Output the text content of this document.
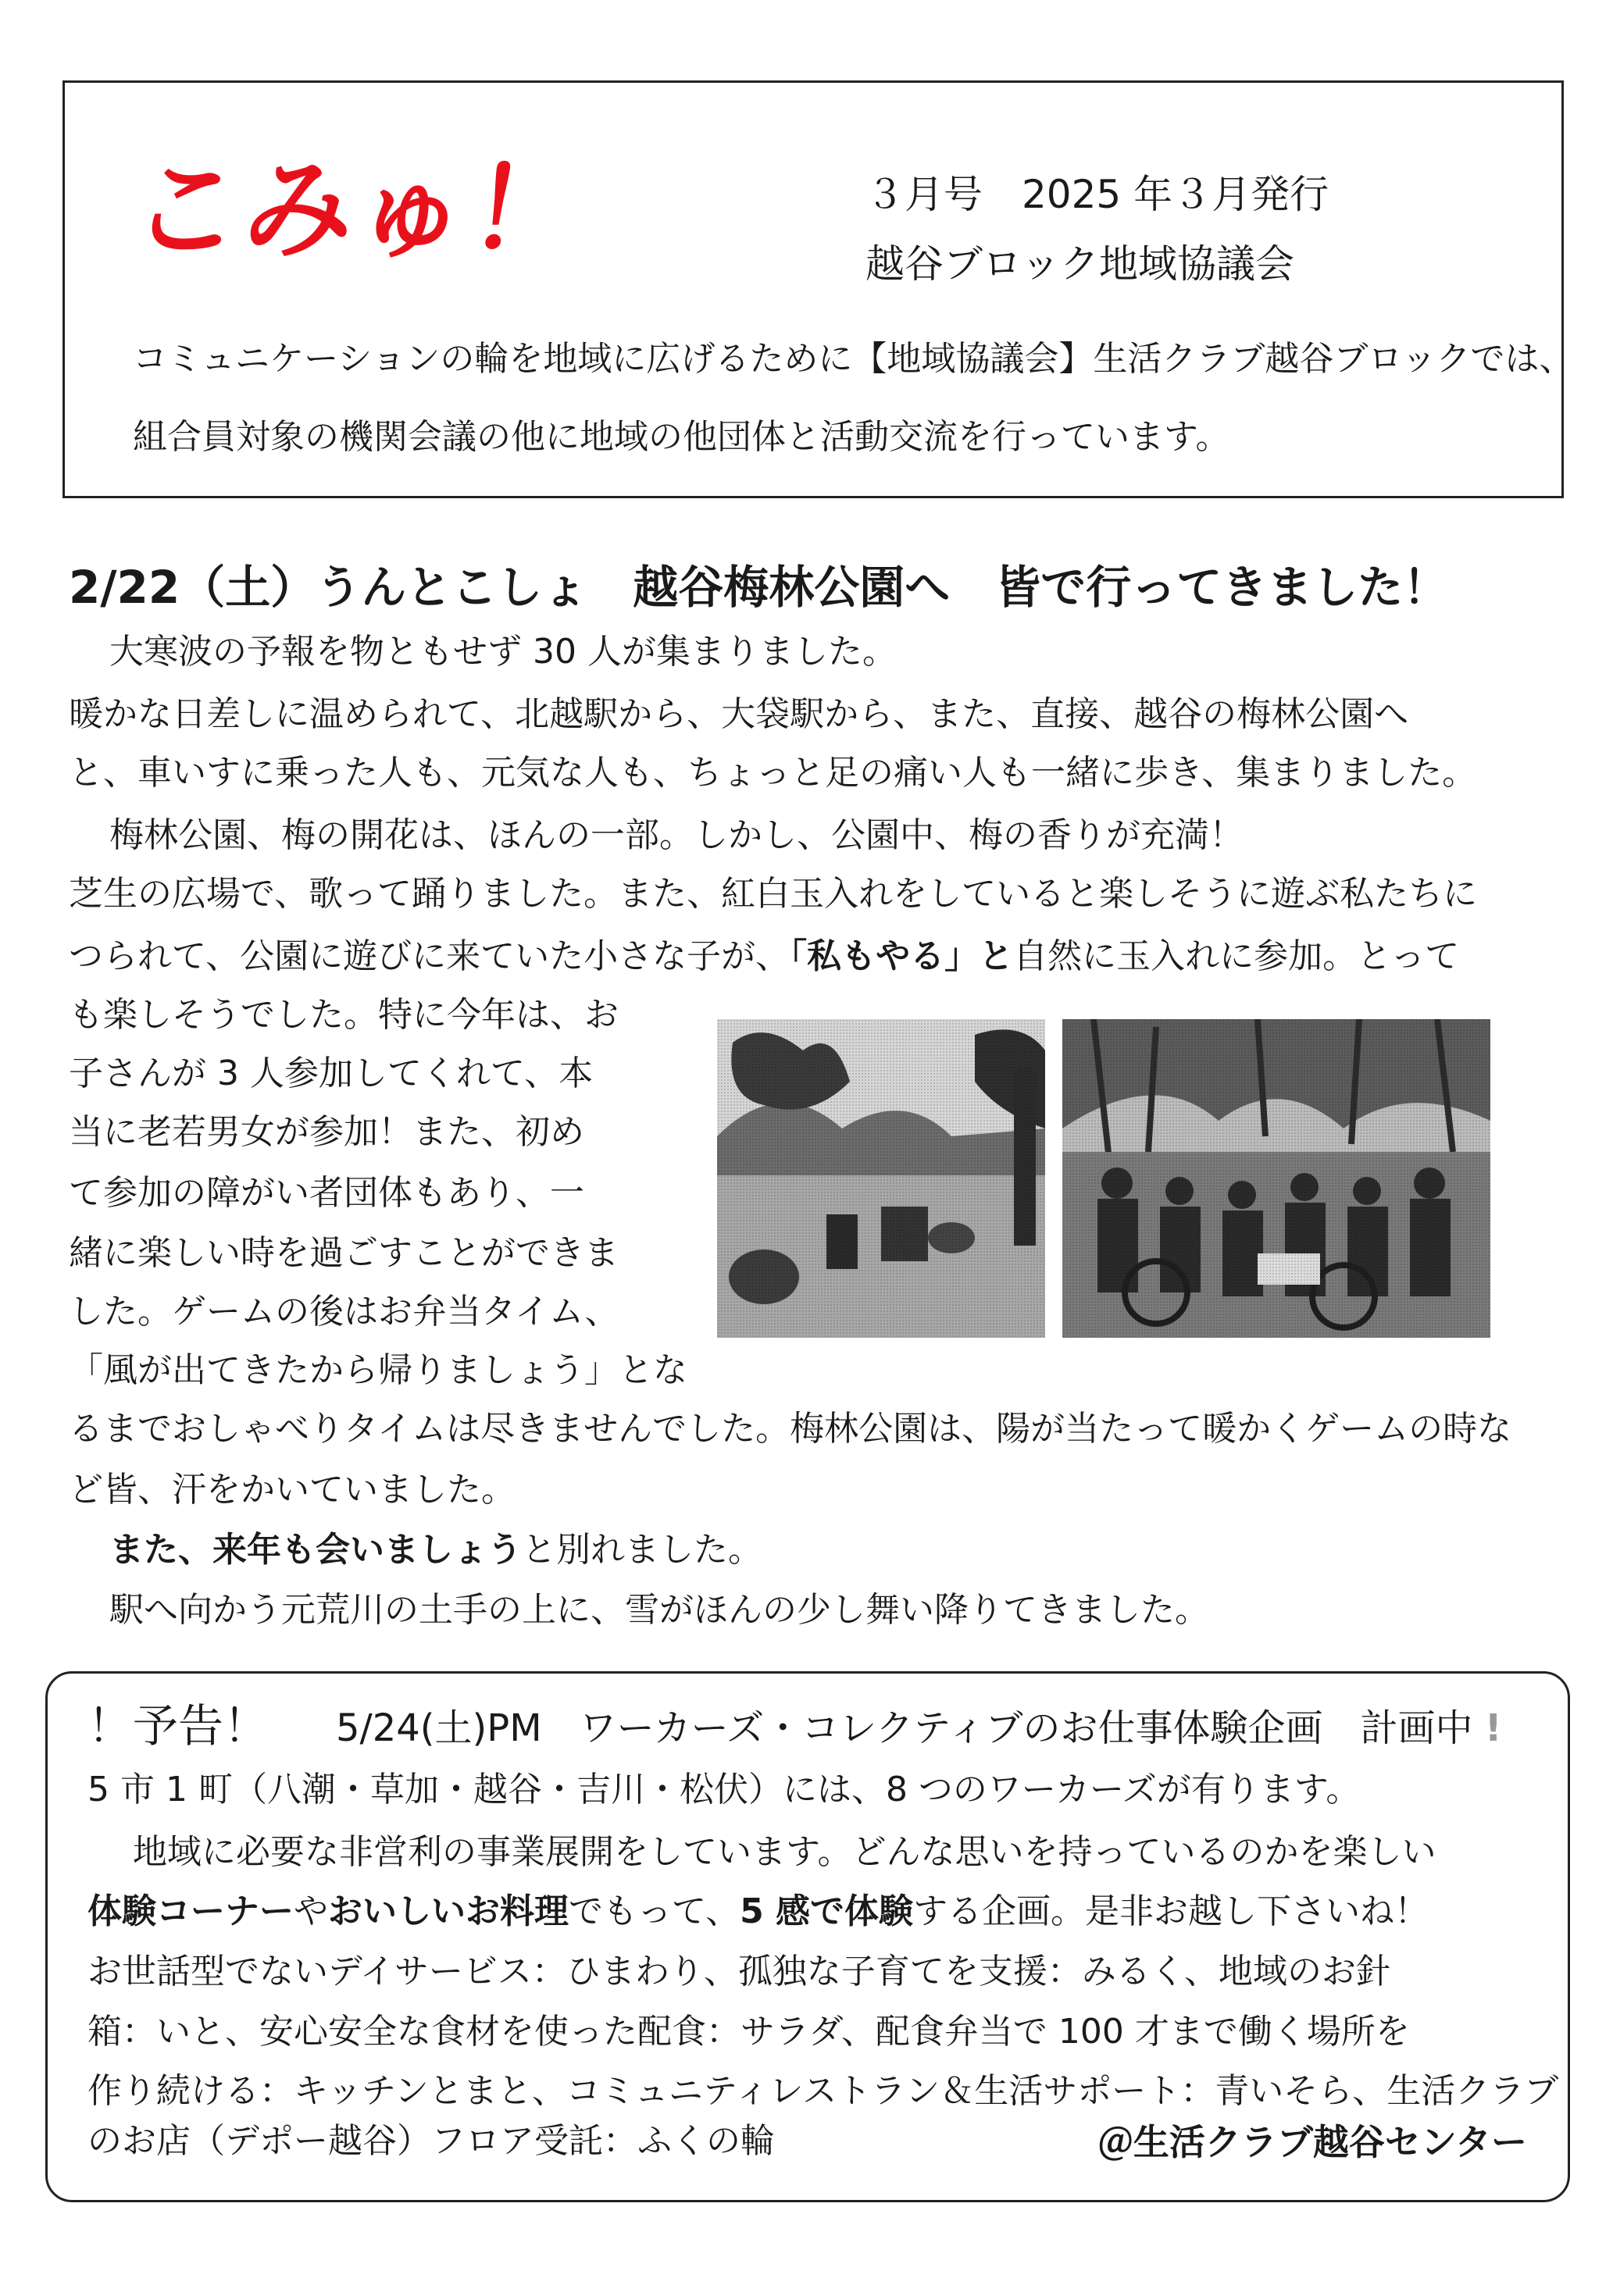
こみゅ！	３月号　2025 年３月発行
越谷ブロック地域協議会
コミュニケーションの輪を地域に広げるために【地域協議会】生活クラブ越谷ブロックでは、
組合員対象の機関会議の他に地域の他団体と活動交流を行っています。
2/22（土）うんとこしょ　越谷梅林公園へ　皆で行ってきました！
大寒波の予報を物ともせず 30 人が集まりました。
暖かな日差しに温められて、北越駅から、大袋駅から、また、直接、越谷の梅林公園へ
と、車いすに乗った人も、元気な人も、ちょっと足の痛い人も一緒に歩き、集まりました。
梅林公園、梅の開花は、ほんの一部。しかし、公園中、梅の香りが充満！
芝生の広場で、歌って踊りました。また、紅白玉入れをしていると楽しそうに遊ぶ私たちに
つられて、公園に遊びに来ていた小さな子が、「私もやる」と自然に玉入れに参加。とって
も楽しそうでした。特に今年は、お
子さんが 3 人参加してくれて、本
当に老若男女が参加！また、初め
て参加の障がい者団体もあり、一
緒に楽しい時を過ごすことができま
した。ゲームの後はお弁当タイム、
「風が出てきたから帰りましょう」とな
るまでおしゃべりタイムは尽きませんでした。梅林公園は、陽が当たって暖かくゲームの時な
ど皆、汗をかいていました。
また、来年も会いましょうと別れました。
駅へ向かう元荒川の土手の上に、雪がほんの少し舞い降りてきました。
！予告！ 5/24(土)PM　ワーカーズ・コレクティブのお仕事体験企画　計画中 !
5 市 1 町（八潮・草加・越谷・吉川・松伏）には、8 つのワーカーズが有ります。
地域に必要な非営利の事業展開をしています。どんな思いを持っているのかを楽しい
体験コーナーやおいしいお料理でもって、5 感で体験する企画。是非お越し下さいね！
お世話型でないデイサービス：ひまわり、孤独な子育てを支援：みるく、地域のお針
箱：いと、安心安全な食材を使った配食：サラダ、配食弁当で 100 才まで働く場所を
作り続ける：キッチンとまと、コミュニティレストラン＆生活サポート：青いそら、生活クラブ
のお店（デポー越谷）フロア受託：ふくの輪	＠生活クラブ越谷センター
